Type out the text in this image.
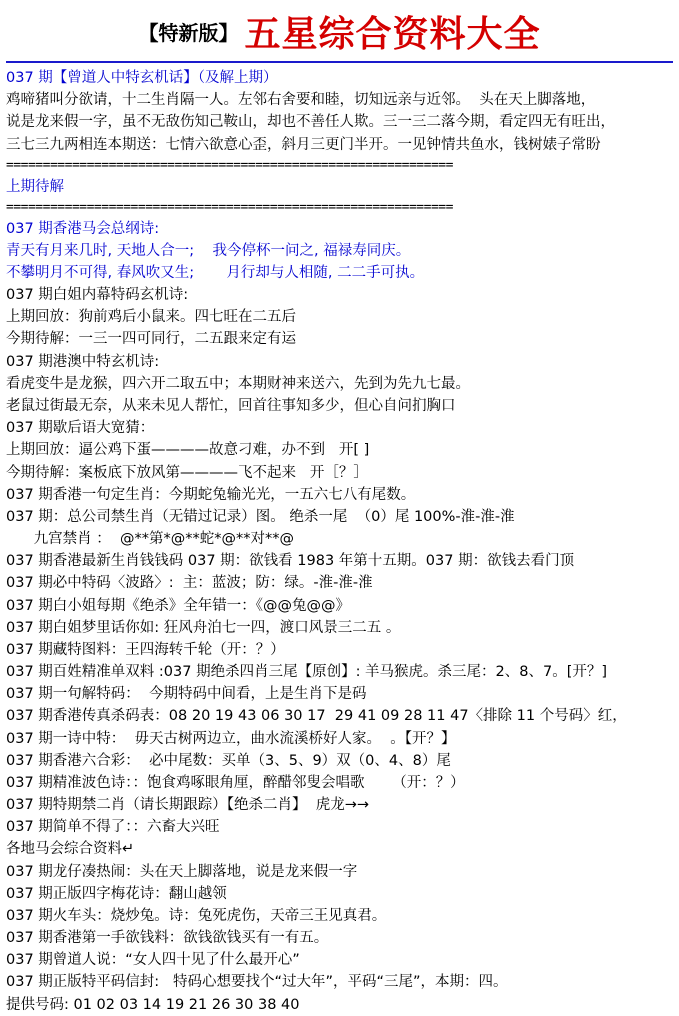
【特新版】 五星综合资料大全
037 期【曾道人中特玄机话】（及解上期）
鸡啼猪叫分欲请，十二生肖隔一人。左邻右舍要和睦，切知远亲与近邻。  头在天上脚落地，
说是龙来假一字，虽不无敌伤知己鞍山，却也不善任人欺。三一三二落今期，看定四无有旺出，
三七三九两相连本期送：七情六欲意心歪，斜月三更门半开。一见钟情共鱼水，钱树婊子常盼
=============================================================
上期待解
=============================================================
037 期香港马会总纲诗:
青天有月来几时, 天地人合一;    我今停杯一问之, 福禄寿同庆。
不攀明月不可得, 春风吹又生;       月行却与人相随, 二二手可执。
037 期白姐内幕特码玄机诗:
上期回放：狗前鸡后小鼠来。四七旺在二五后
今期待解：一三一四可同行，二五跟来定有运
037 期港澳中特玄机诗:
看虎变牛是龙猴，四六开二取五中；本期财神来送六，先到为先九七最。
老鼠过街最无奈，从来未见人帮忙，回首往事知多少，但心自问扪胸口
037 期歇后语大宽猜：
上期回放：逼公鸡下蛋————故意刁难，办不到   开[ ]
今期待解：案板底下放风第————飞不起来   开［？］
037 期香港一句定生肖：今期蛇兔输光光，一五六七八有尾数。
037 期：总公司禁生肖（无错过记录）图。 绝杀一尾  （0）尾 100%-淮-淮-淮
九宫禁肖 ：  @**第*@**蛇*@**对**@
037 期香港最新生肖钱钱码 037 期：欲钱看 1983 年第十五期。037 期：欲钱去看门顶
037 期必中特码〈波路〉:  主：蓝波；防：绿。-淮-淮-淮
037 期白小姐每期《绝杀》全年错一：《@@兔@@》
037 期白姐梦里话你如: 狂风舟泊七一四，渡口风景三二五 。
037 期藏特图料：王四海转千轮（开：？）
037 期百姓精准单双料 :037 期绝杀四肖三尾【原创】: 羊马猴虎。杀三尾：2、8、7。[开？]
037 期一句解特码：  今期特码中间看，上是生肖下是码
037 期香港传真杀码表：08 20 19 43 06 30 17  29 41 09 28 11 47〈排除 11 个号码〉红，
037 期一诗中特：  毋天古树两边立，曲水流溪桥好人家。  。【开？】
037 期香港六合彩：  必中尾数：买单（3、5、9）双（0、4、8）尾
037 期精准波色诗：：饱食鸡啄眼角厘，醉醋邻叟会唱歌      （开：？）
037 期特期禁二肖（请长期跟踪）【绝杀二肖】  虎龙→→
037 期简单不得了：：六畜大兴旺
各地马会综合资料↵
037 期龙仔凑热闹：头在天上脚落地，说是龙来假一字
037 期正版四字梅花诗：翻山越领
037 期火车头：烧炒兔。诗：兔死虎伤，天帝三王见真君。
037 期香港第一手欲钱料：欲钱欲钱买有一有五。
037 期曾道人说：“女人四十见了什么最开心”
037 期正版特平码信封:   特码心想要找个“过大年”，平码“三尾”，本期：四。
提供号码: 01 02 03 14 19 21 26 30 38 40
